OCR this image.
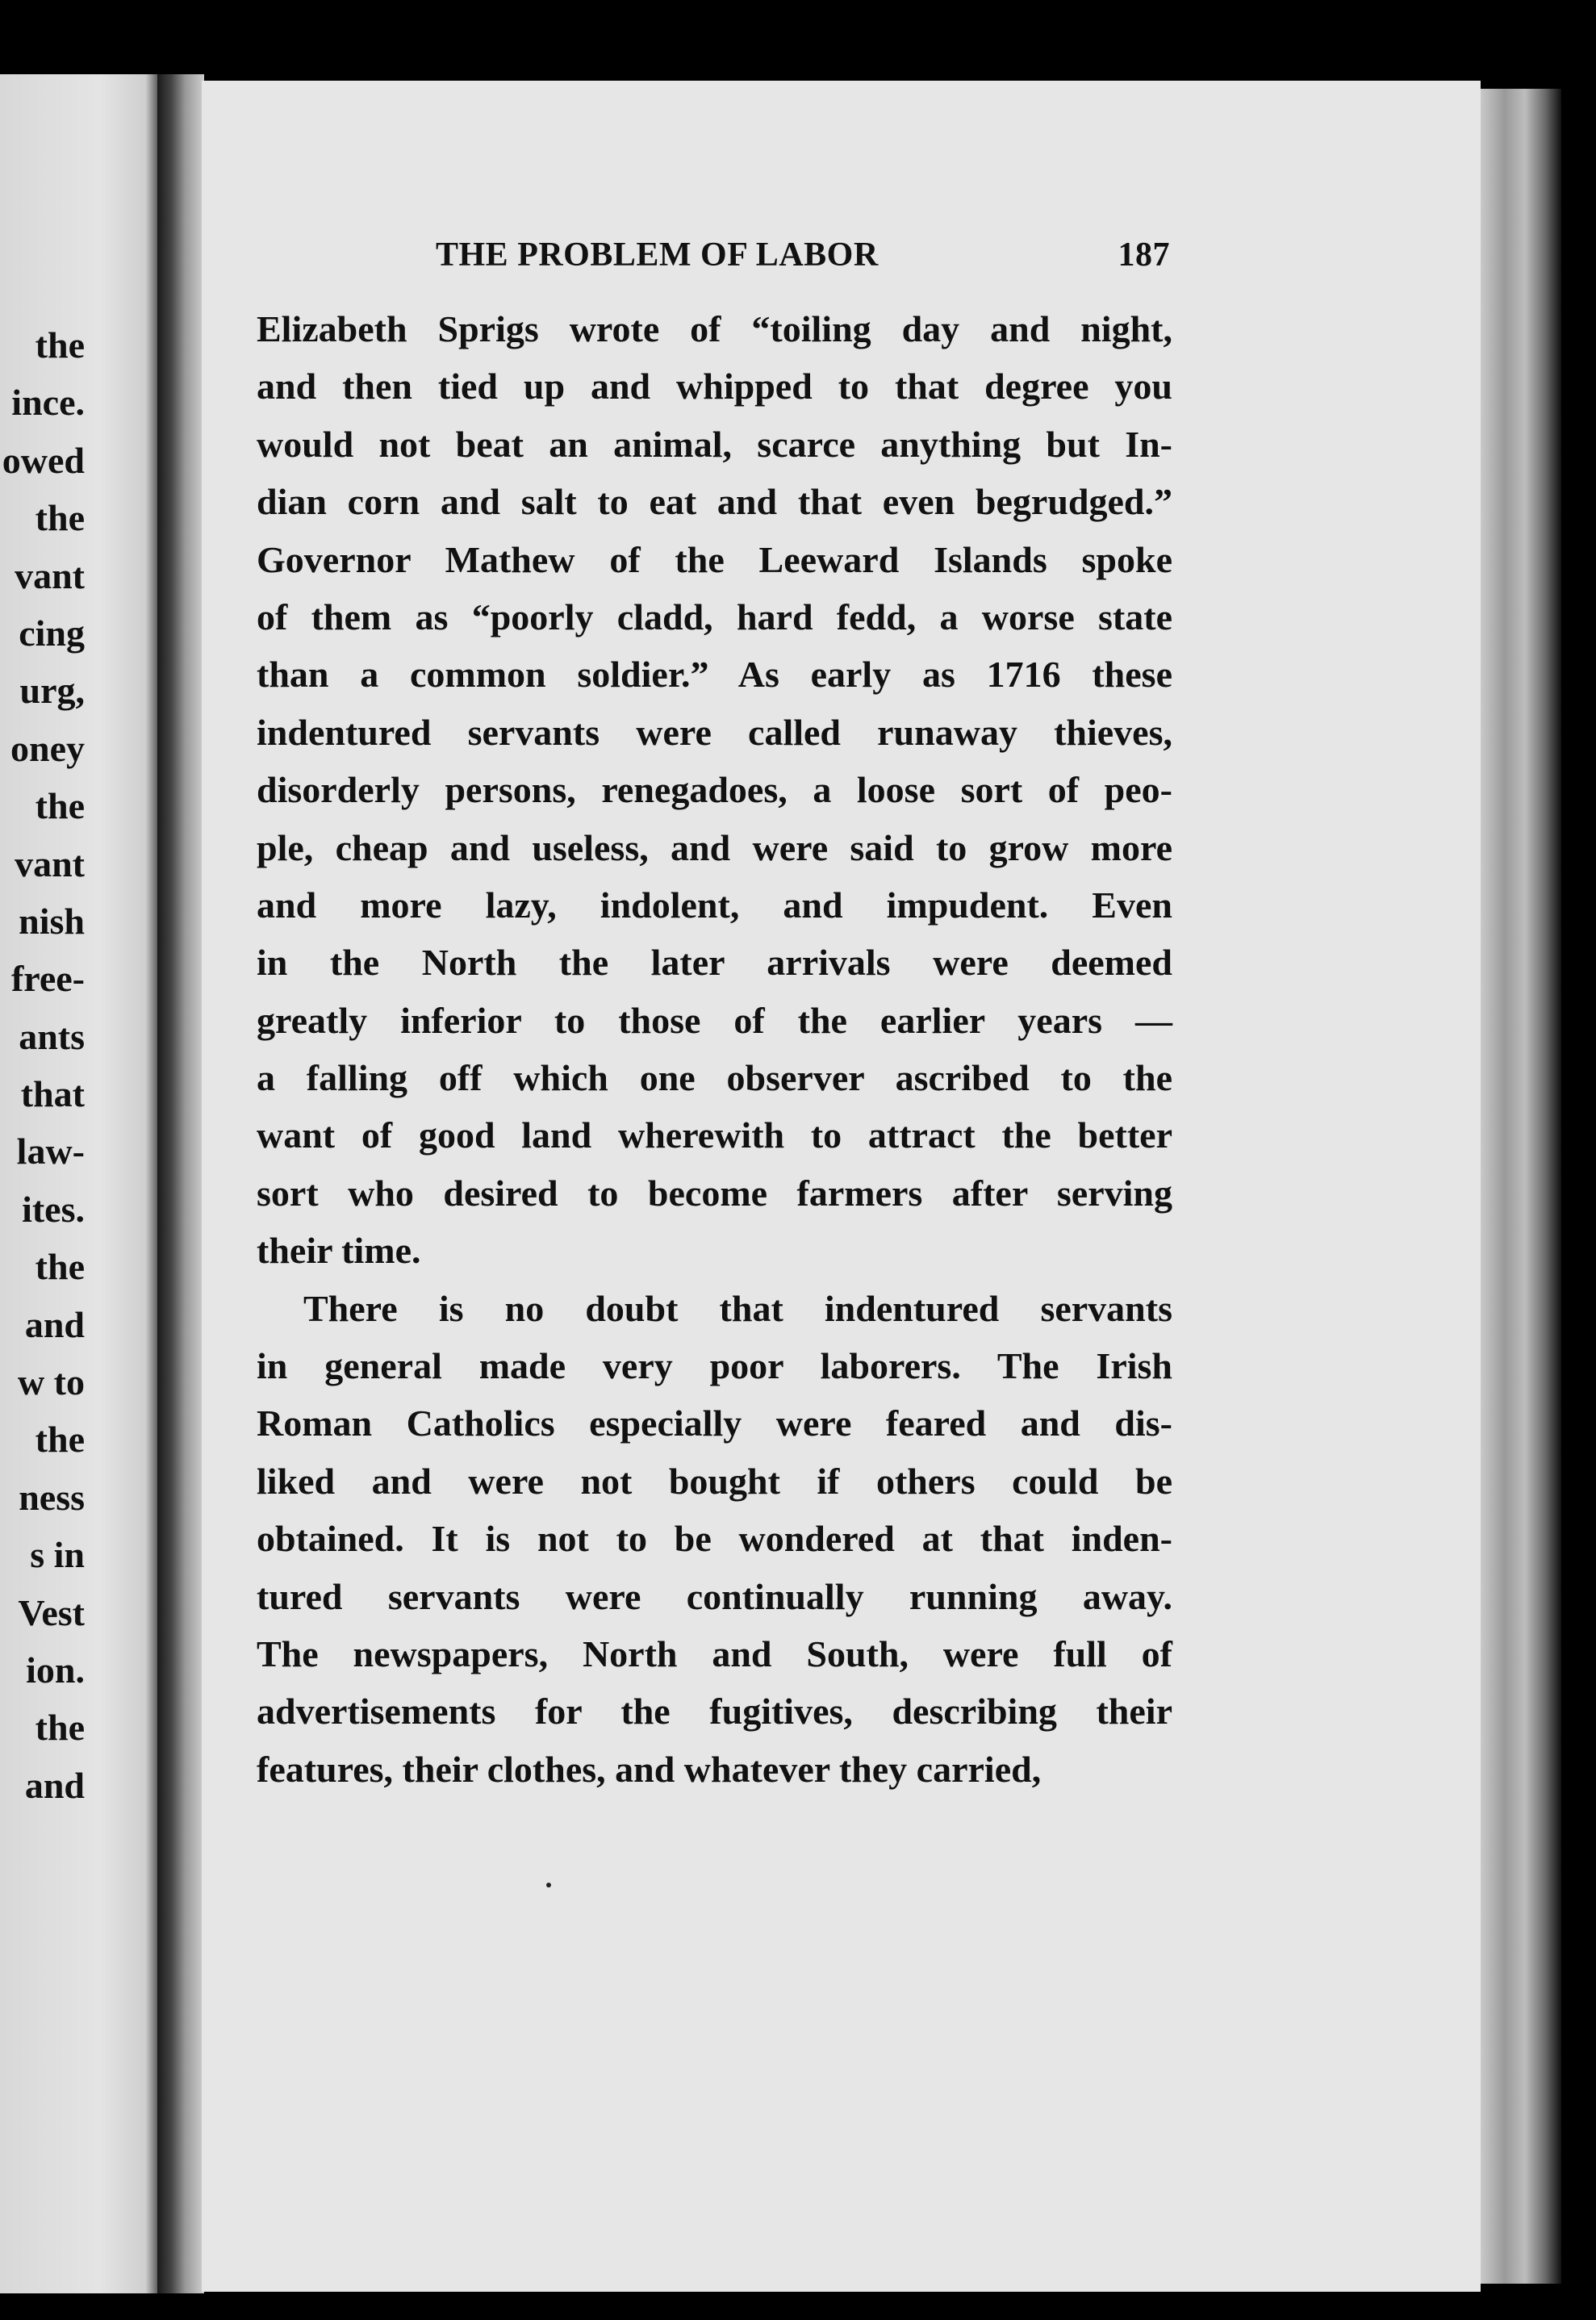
the
ince.
owed
the
vant
cing
urg,
oney
the
vant
nish
free-
ants
that
law-
ites.
the
and
w to
the
ness
s in
Vest
ion.
the
and
THE PROBLEM OF LABOR	187
Elizabeth Sprigs wrote of “toiling day and night,
and then tied up and whipped to that degree you
would not beat an animal, scarce anything but In-
dian corn and salt to eat and that even begrudged.”
Governor Mathew of the Leeward Islands spoke
of them as “poorly cladd, hard fedd, a worse state
than a common soldier.” As early as 1716 these
indentured servants were called runaway thieves,
disorderly persons, renegadoes, a loose sort of peo-
ple, cheap and useless, and were said to grow more
and more lazy, indolent, and impudent. Even
in the North the later arrivals were deemed
greatly inferior to those of the earlier years —
a falling off which one observer ascribed to the
want of good land wherewith to attract the better
sort who desired to become farmers after serving
their time.
There is no doubt that indentured servants
in general made very poor laborers. The Irish
Roman Catholics especially were feared and dis-
liked and were not bought if others could be
obtained. It is not to be wondered at that inden-
tured servants were continually running away.
The newspapers, North and South, were full of
advertisements for the fugitives, describing their
features, their clothes, and whatever they carried,
